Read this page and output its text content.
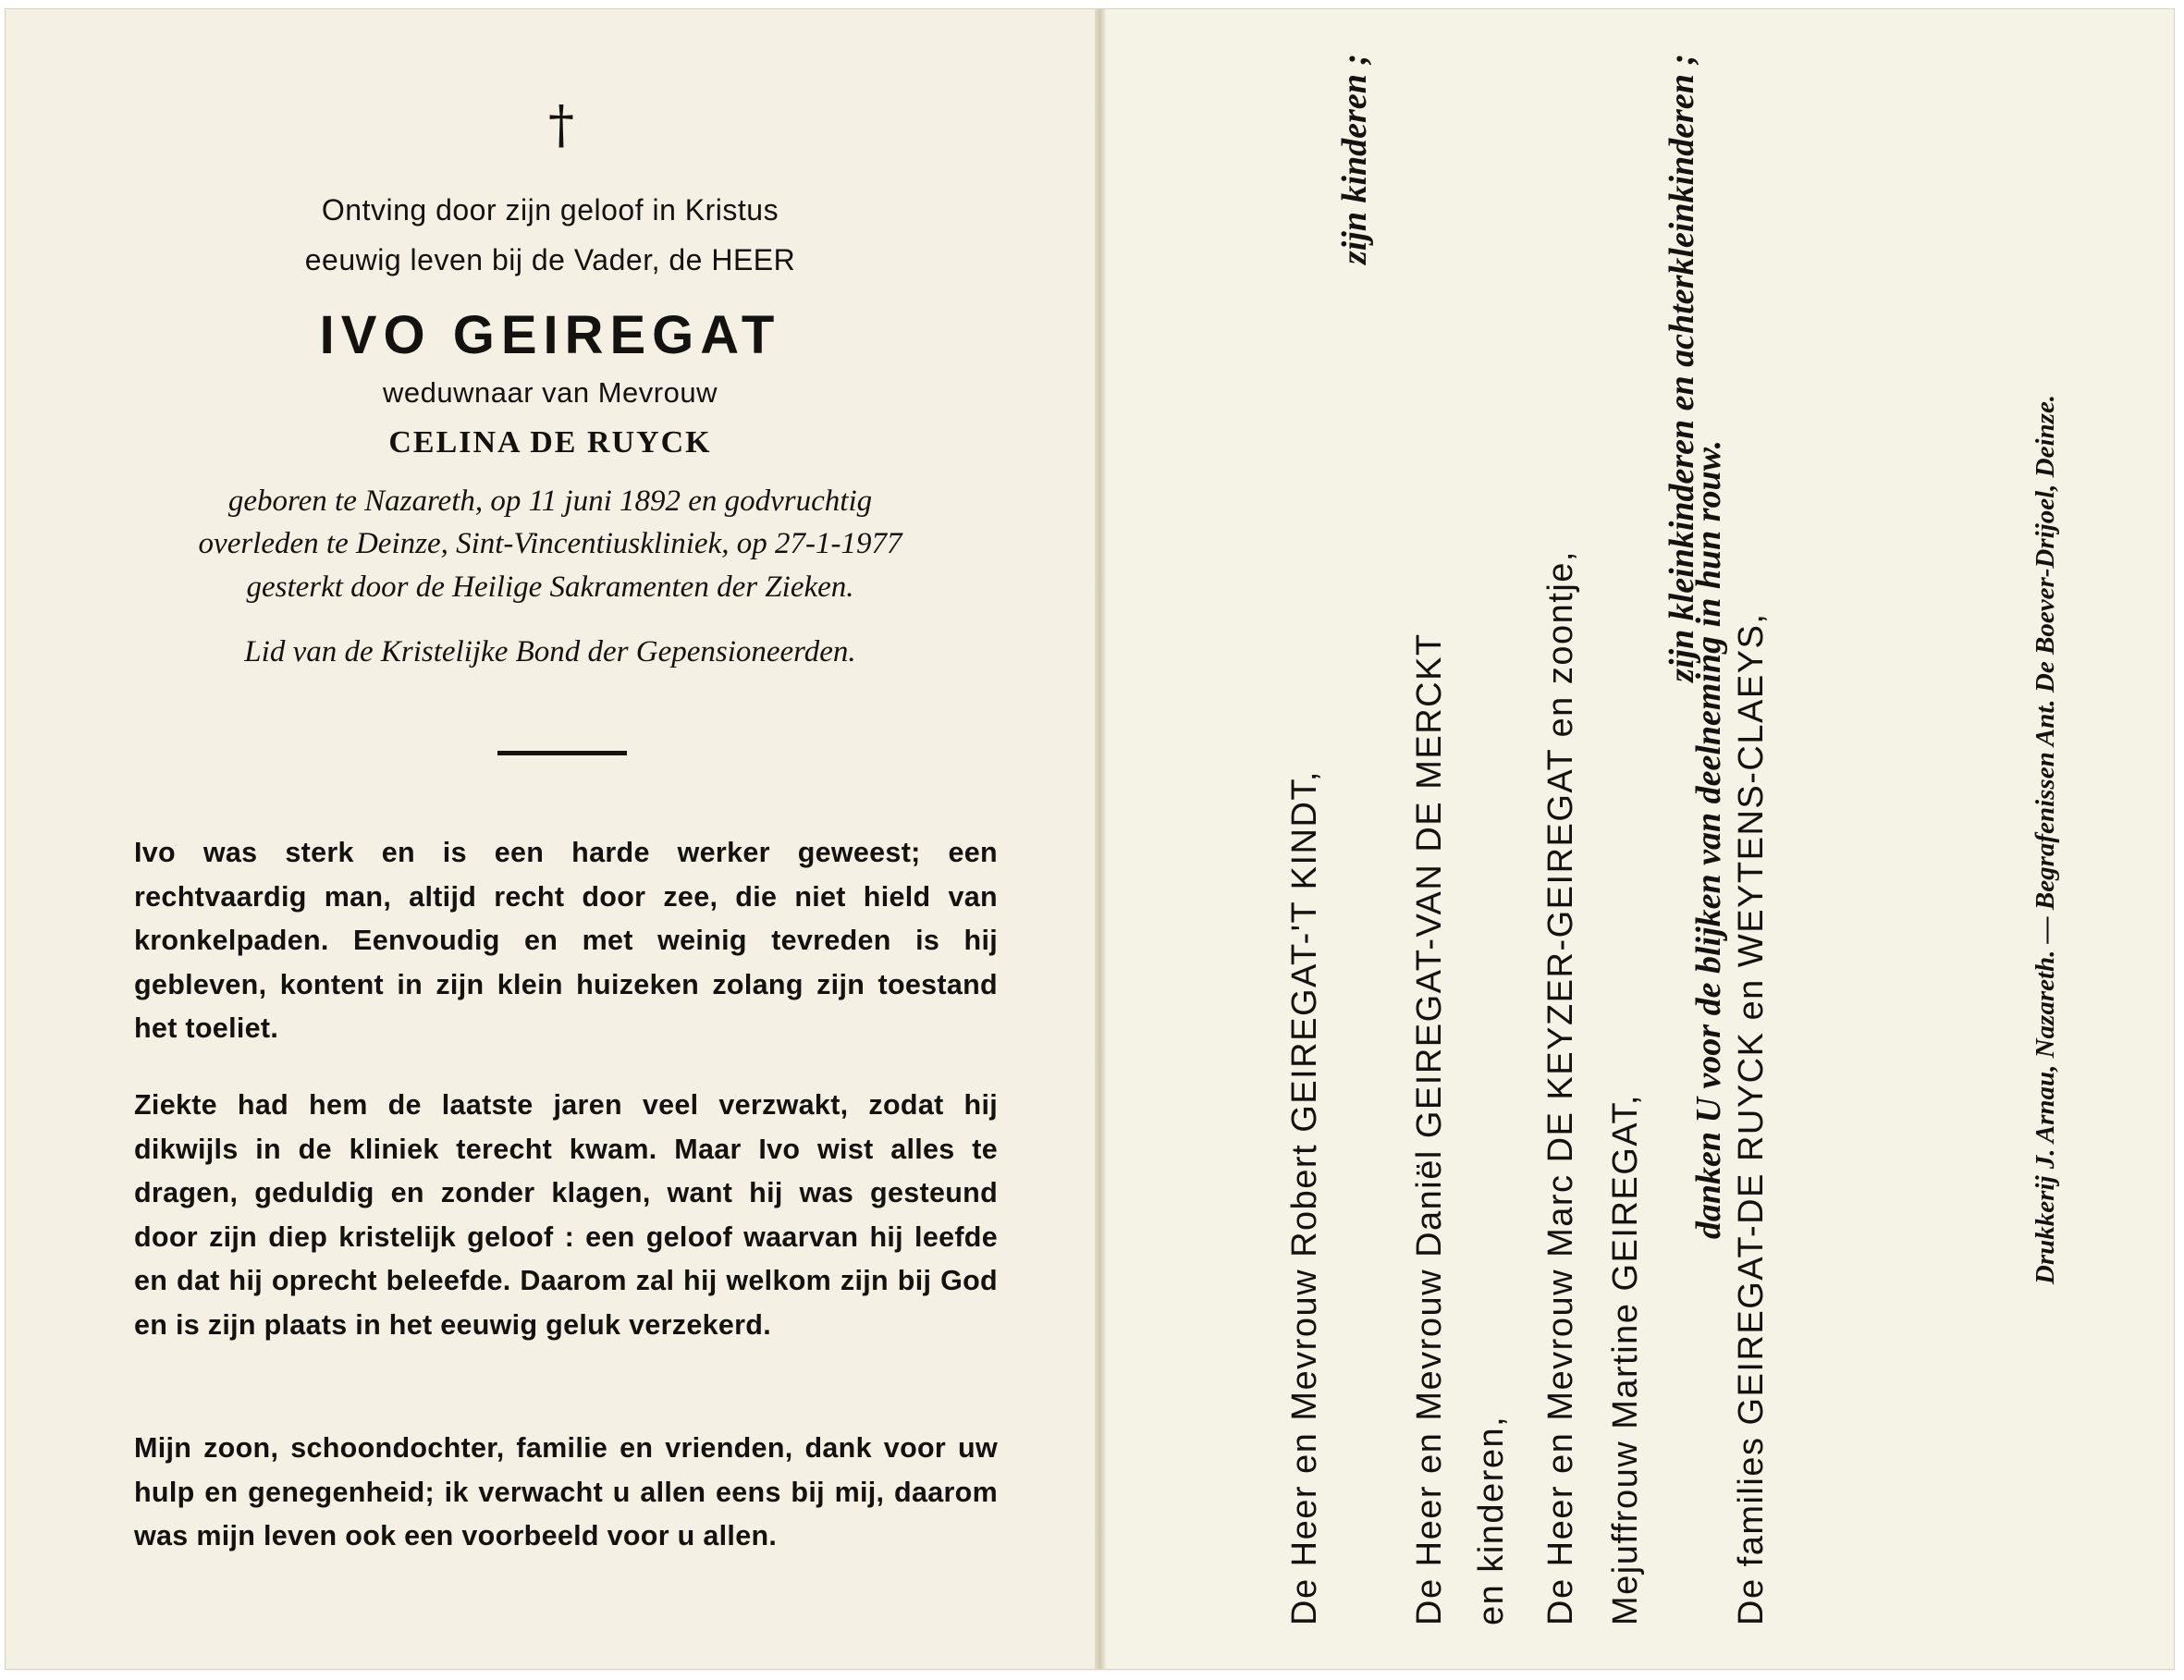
†

Ontving door zijn geloof in Kristus

eeuwig leven bij de Vader, de HEER

IVO GEIREGAT

weduwnaar van Mevrouw

CELINA DE RUYCK

geboren te Nazareth, op 11 juni 1892 en godvruchtig

overleden te Deinze, Sint-Vincentiuskliniek, op 27-1-1977

gesterkt door de Heilige Sakramenten der Zieken.

Lid van de Kristelijke Bond der Gepensioneerden.

Ivo was sterk en is een harde werker geweest; een rechtvaardig man, altijd recht door zee, die niet hield van kronkelpaden. Eenvoudig en met weinig tevreden is hij gebleven, kontent in zijn klein huizeken zolang zijn toestand het toeliet.

Ziekte had hem de laatste jaren veel verzwakt, zodat hij dikwijls in de kliniek terecht kwam. Maar Ivo wist alles te dragen, geduldig en zonder klagen, want hij was gesteund door zijn diep kristelijk geloof : een geloof waarvan hij leefde en dat hij oprecht beleefde. Daarom zal hij welkom zijn bij God en is zijn plaats in het eeuwig geluk verzekerd.

Mijn zoon, schoondochter, familie en vrienden, dank voor uw hulp en genegenheid; ik verwacht u allen eens bij mij, daarom was mijn leven ook een voorbeeld voor u allen.	De Heer en Mevrouw Robert GEIREGAT-'T KINDT,
zijn kinderen ;
De Heer en Mevrouw Daniël GEIREGAT-VAN DE MERCKT en kinderen, De Heer en Mevrouw Marc DE KEYZER-GEIREGAT en zoontje, Mejuffrouw Martine GEIREGAT,
zijn kleinkinderen en achterkleinkinderen ;
De families GEIREGAT-DE RUYCK en WEYTENS-CLAEYS,
danken U voor de blijken van deelneming in hun rouw.	Drukkerij J. Arnau, Nazareth. — Begrafenissen Ant. De Boever-Drijoel, Deinze.
